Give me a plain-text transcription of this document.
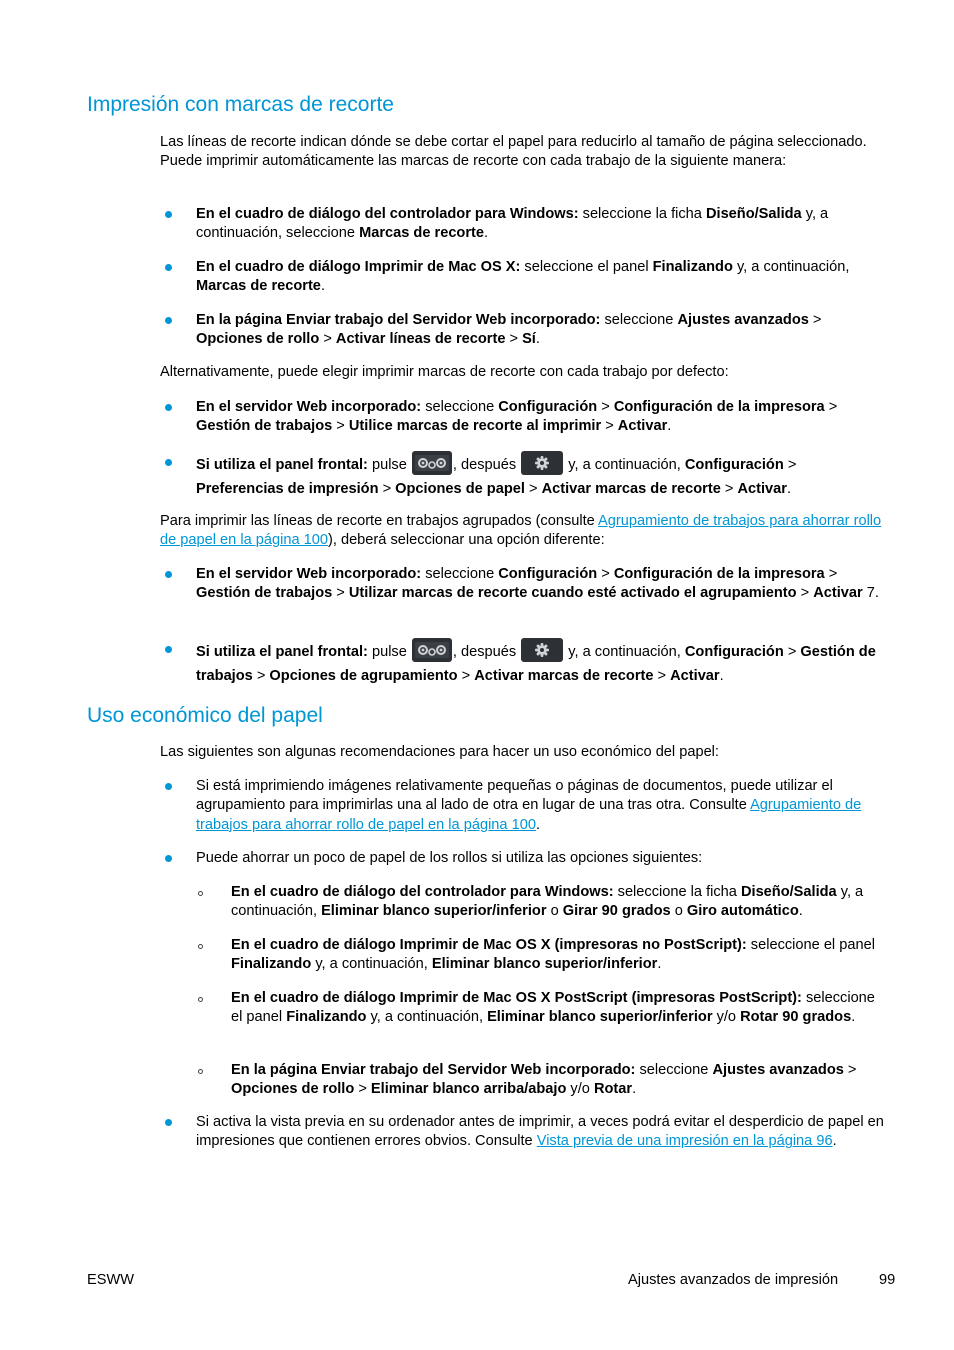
Impresión con marcas de recorte

Las líneas de recorte indican dónde se debe cortar el papel para reducirlo al tamaño de página seleccionado. Puede imprimir automáticamente las marcas de recorte con cada trabajo de la siguiente manera:

En el cuadro de diálogo del controlador para Windows: seleccione la ficha Diseño/Salida y, a continuación, seleccione Marcas de recorte.

En el cuadro de diálogo Imprimir de Mac OS X: seleccione el panel Finalizando y, a continuación, Marcas de recorte.

En la página Enviar trabajo del Servidor Web incorporado: seleccione Ajustes avanzados > Opciones de rollo > Activar líneas de recorte > Sí.

Alternativamente, puede elegir imprimir marcas de recorte con cada trabajo por defecto:

En el servidor Web incorporado: seleccione Configuración > Configuración de la impresora > Gestión de trabajos > Utilice marcas de recorte al imprimir > Activar.

Si utiliza el panel frontal: pulse	, después	y, a continuación, Configuración > Preferencias de impresión > Opciones de papel > Activar marcas de recorte > Activar.

Para imprimir las líneas de recorte en trabajos agrupados (consulte Agrupamiento de trabajos para ahorrar rollo de papel en la página 100), deberá seleccionar una opción diferente:

En el servidor Web incorporado: seleccione Configuración > Configuración de la impresora > Gestión de trabajos > Utilizar marcas de recorte cuando esté activado el agrupamiento > Activar 7.

Si utiliza el panel frontal: pulse	, después	y, a continuación, Configuración > Gestión de trabajos > Opciones de agrupamiento > Activar marcas de recorte > Activar.

Uso económico del papel

Las siguientes son algunas recomendaciones para hacer un uso económico del papel:

Si está imprimiendo imágenes relativamente pequeñas o páginas de documentos, puede utilizar el agrupamiento para imprimirlas una al lado de otra en lugar de una tras otra. Consulte Agrupamiento de trabajos para ahorrar rollo de papel en la página 100.

Puede ahorrar un poco de papel de los rollos si utiliza las opciones siguientes:

En el cuadro de diálogo del controlador para Windows: seleccione la ficha Diseño/Salida y, a continuación, Eliminar blanco superior/inferior o Girar 90 grados o Giro automático.

En el cuadro de diálogo Imprimir de Mac OS X (impresoras no PostScript): seleccione el panel Finalizando y, a continuación, Eliminar blanco superior/inferior.

En el cuadro de diálogo Imprimir de Mac OS X PostScript (impresoras PostScript): seleccione el panel Finalizando y, a continuación, Eliminar blanco superior/inferior y/o Rotar 90 grados.

En la página Enviar trabajo del Servidor Web incorporado: seleccione Ajustes avanzados > Opciones de rollo > Eliminar blanco arriba/abajo y/o Rotar.

Si activa la vista previa en su ordenador antes de imprimir, a veces podrá evitar el desperdicio de papel en impresiones que contienen errores obvios. Consulte Vista previa de una impresión en la página 96.

ESWW	Ajustes avanzados de impresión	99
